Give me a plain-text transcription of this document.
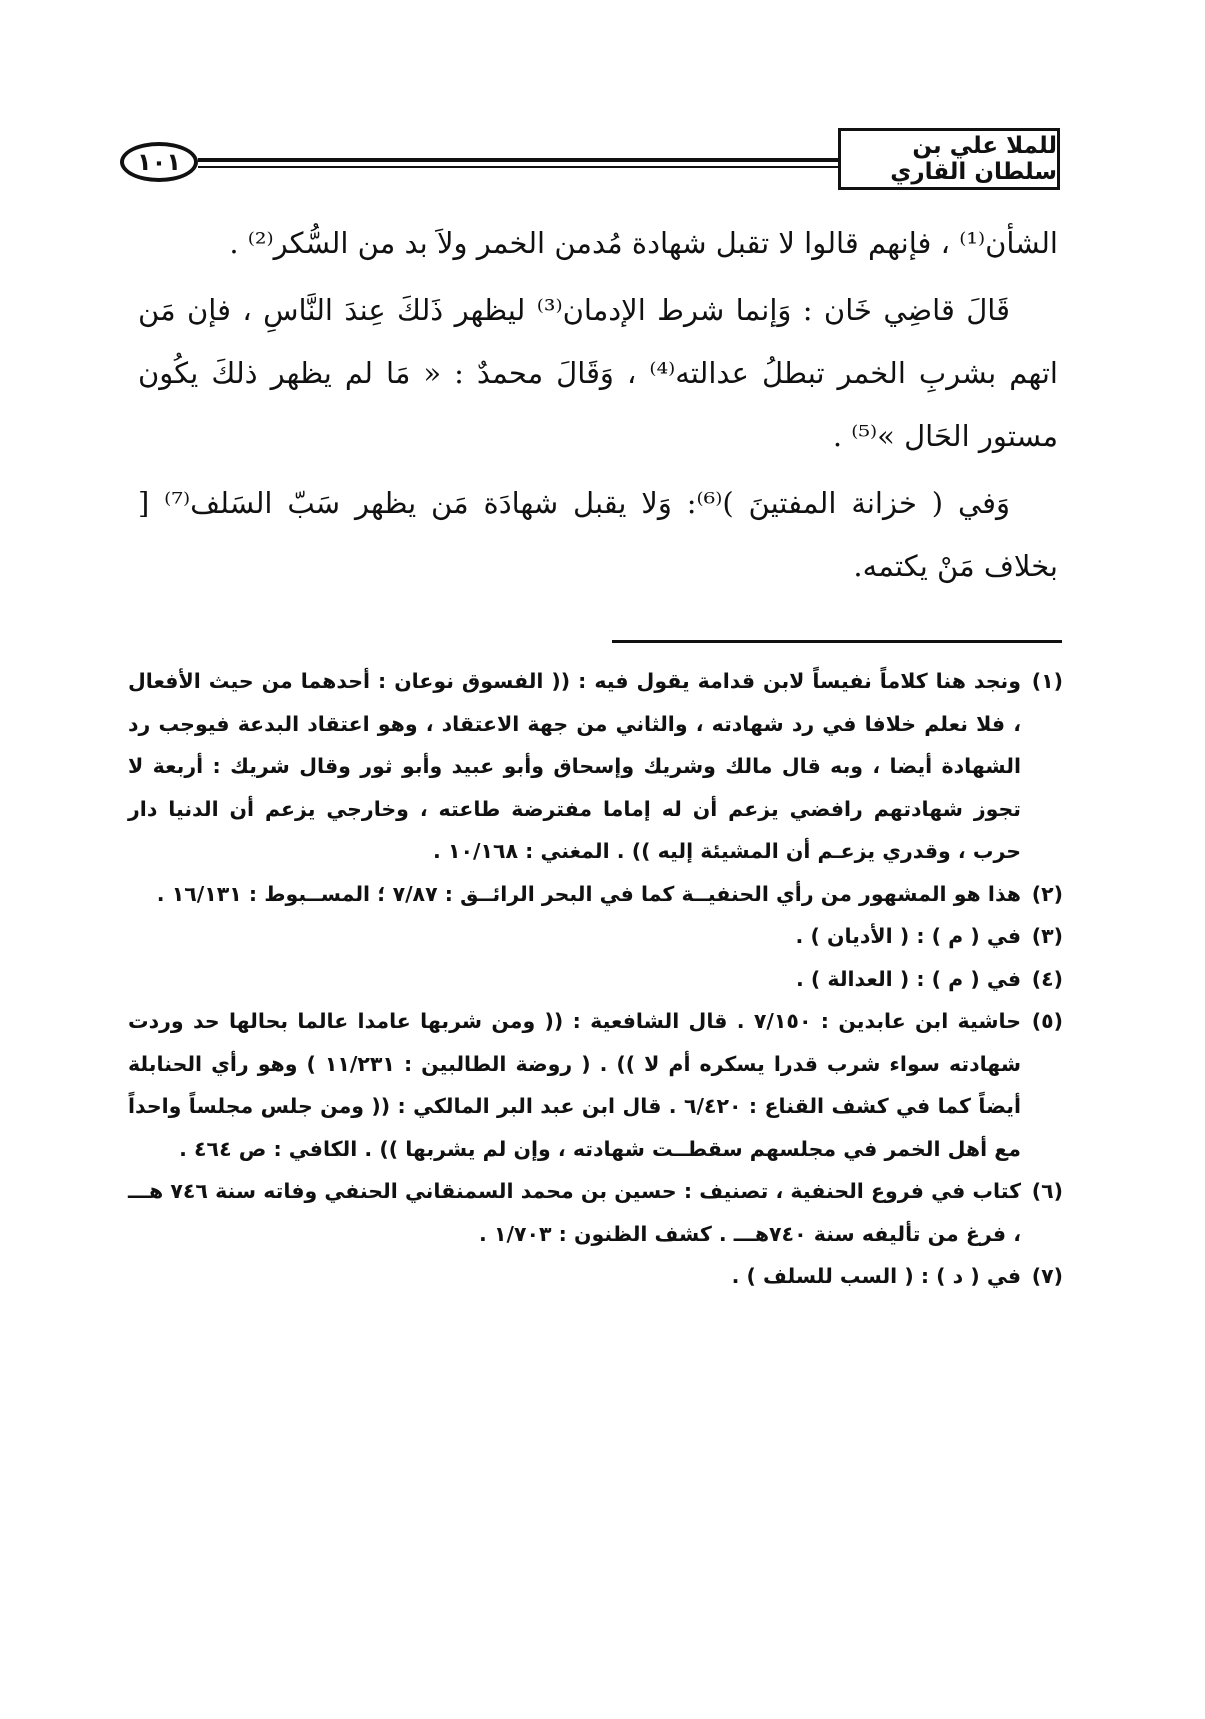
١٠١
للملا علي بن سلطان القاري

الشأن⁽¹⁾ ، فإنهم قالوا لا تقبل شهادة مُدمن الخمر ولاَ بد من السُّكر⁽²⁾ .

قَالَ قاضِي خَان : وَإنما شرط الإدمان⁽³⁾ ليظهر ذَلكَ عِندَ النَّاسِ ، فإن مَن اتهم بشربِ الخمر تبطلُ عدالته⁽⁴⁾ ، وَقَالَ محمدٌ : « مَا لم يظهر ذلكَ يكُون مستور الحَال »⁽⁵⁾ .

وَفي ( خزانة المفتينَ )⁽⁶⁾: وَلا يقبل شهادَة مَن يظهر سَبّ السَلف⁽⁷⁾ [ بخلاف مَنْ يكتمه.

(١)
ونجد هنا كلاماً نفيساً لابن قدامة يقول فيه : (( الفسوق نوعان : أحدهما من حيث الأفعال ، فلا نعلم خلافا في رد شهادته ، والثاني من جهة الاعتقاد ، وهو اعتقاد البدعة فيوجب رد الشهادة أيضا ، وبه قال مالك وشريك وإسحاق وأبو عبيد وأبو ثور وقال شريك : أربعة لا تجوز شهادتهم رافضي يزعم أن له إماما مفترضة طاعته ، وخارجي يزعم أن الدنيا دار حرب ، وقدري يزعـم أن المشيئة إليه )) . المغني : ١٠/١٦٨ .
(٢)
هذا هو المشهور من رأي الحنفيــة كما في البحر الرائــق : ٧/٨٧ ؛ المســبوط : ١٦/١٣١ .
(٣)
في ( م ) : ( الأديان ) .
(٤)
في ( م ) : ( العدالة ) .
(٥)
حاشية ابن عابدين : ٧/١٥٠ . قال الشافعية : (( ومن شربها عامدا عالما بحالها حد وردت شهادته سواء شرب قدرا يسكره أم لا )) . ( روضة الطالبين : ١١/٢٣١ ) وهو رأي الحنابلة أيضاً كما في كشف القناع : ٦/٤٢٠ . قال ابن عبد البر المالكي : (( ومن جلس مجلساً واحداً مع أهل الخمر في مجلسهم سقطــت شهادته ، وإن لم يشربها )) . الكافي : ص ٤٦٤ .
(٦)
كتاب في فروع الحنفية ، تصنيف : حسين بن محمد السمنقاني الحنفي وفاته سنة ٧٤٦ هـــ ، فرغ من تأليفه سنة ٧٤٠هـــ . كشف الظنون : ١/٧٠٣ .
(٧)
في ( د ) : ( السب للسلف ) .
